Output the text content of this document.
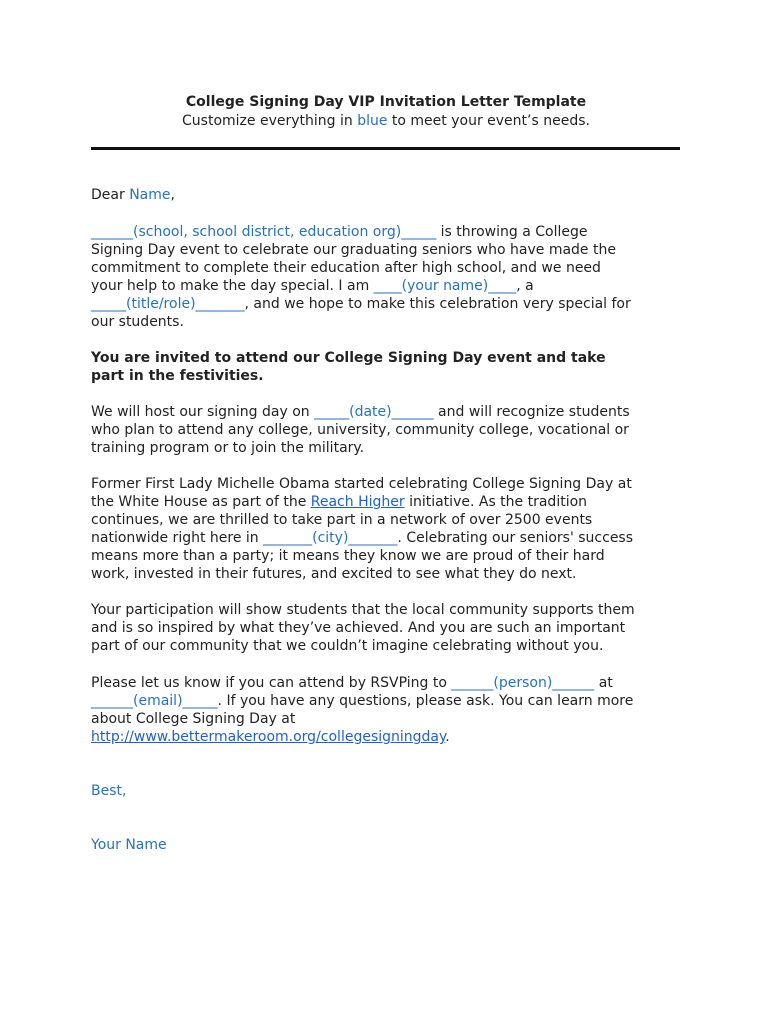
College Signing Day VIP Invitation Letter Template
Customize everything in blue to meet your event’s needs.

Dear Name,

______(school, school district, education org)_____ is throwing a College

Signing Day event to celebrate our graduating seniors who have made the

commitment to complete their education after high school, and we need

your help to make the day special. I am ____(your name)____, a

_____(title/role)_______, and we hope to make this celebration very special for

our students.

You are invited to attend our College Signing Day event and take

part in the festivities.

We will host our signing day on _____(date)______ and will recognize students

who plan to attend any college, university, community college, vocational or

training program or to join the military.

Former First Lady Michelle Obama started celebrating College Signing Day at

the White House as part of the Reach Higher initiative. As the tradition

continues, we are thrilled to take part in a network of over 2500 events

nationwide right here in _______(city)_______. Celebrating our seniors' success

means more than a party; it means they know we are proud of their hard

work, invested in their futures, and excited to see what they do next.

Your participation will show students that the local community supports them

and is so inspired by what they’ve achieved. And you are such an important

part of our community that we couldn’t imagine celebrating without you.

Please let us know if you can attend by RSVPing to ______(person)______ at

______(email)_____. If you have any questions, please ask. You can learn more

about College Signing Day at

http://www.bettermakeroom.org/collegesigningday.

Best,

Your Name
